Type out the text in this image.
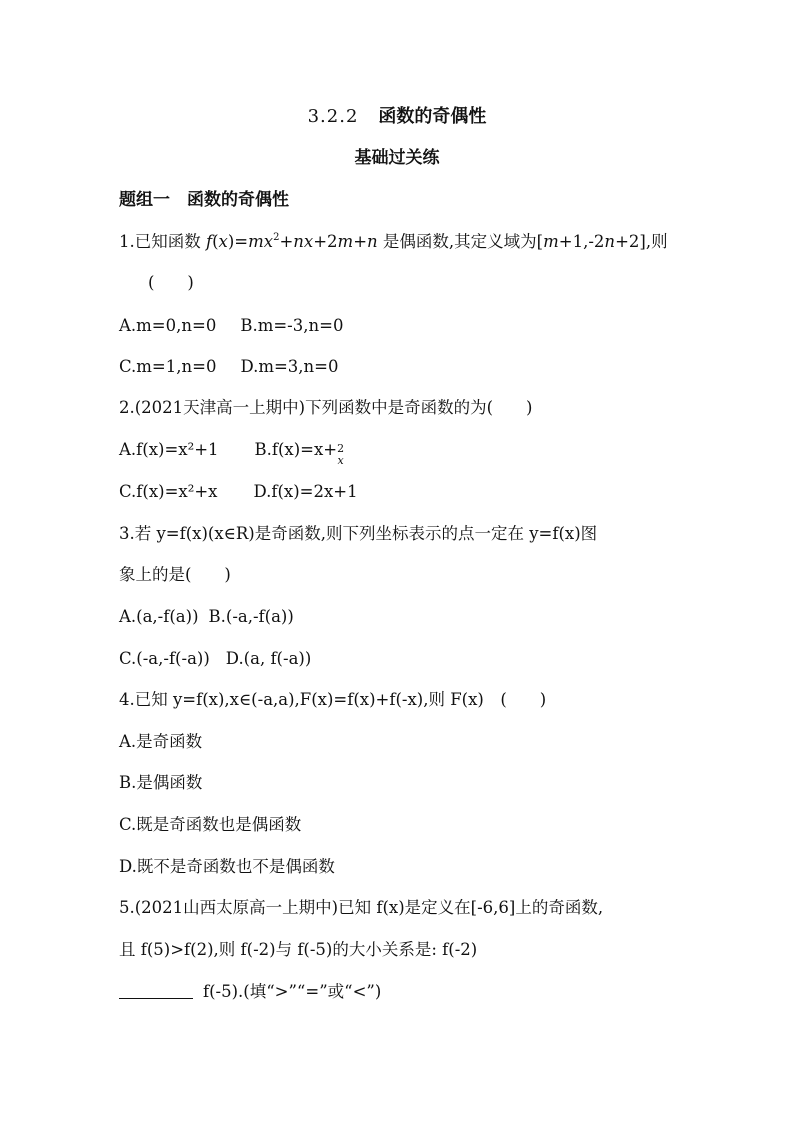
3.2.2 函数的奇偶性
基础过关练
题组一　函数的奇偶性
1.已知函数 $f(x)=mx^2+nx+2m+n$ 是偶函数,其定义域为[m+1,-2n+2],则
(　　)
A.m=0,n=0 B.m=-3,n=0
C.m=1,n=0 D.m=3,n=0
2.(2021天津高一上期中)下列函数中是奇函数的为(　　)
A.f(x)=x²+1 B.f(x)=x+ 2
x
C.f(x)=x²+x D.f(x)=2x+1
3.若 y=f(x)(x∈R)是奇函数,则下列坐标表示的点一定在 y=f(x)图
象上的是(　　)
A.(a,-f(a)) B.(-a,-f(a))
C.(-a,-f(-a)) D.(a, f(-a))
4.已知 y=f(x),x∈(-a,a),F(x)=f(x)+f(-x),则 F(x)　(　　)
A.是奇函数
B.是偶函数
C.既是奇函数也是偶函数
D.既不是奇函数也不是偶函数
5.(2021山西太原高一上期中)已知 f(x)是定义在[-6,6]上的奇函数,
且 f(5)>f(2),则 f(-2)与 f(-5)的大小关系是: f(-2)
f(-5).(填“>”“=”或“<”)
